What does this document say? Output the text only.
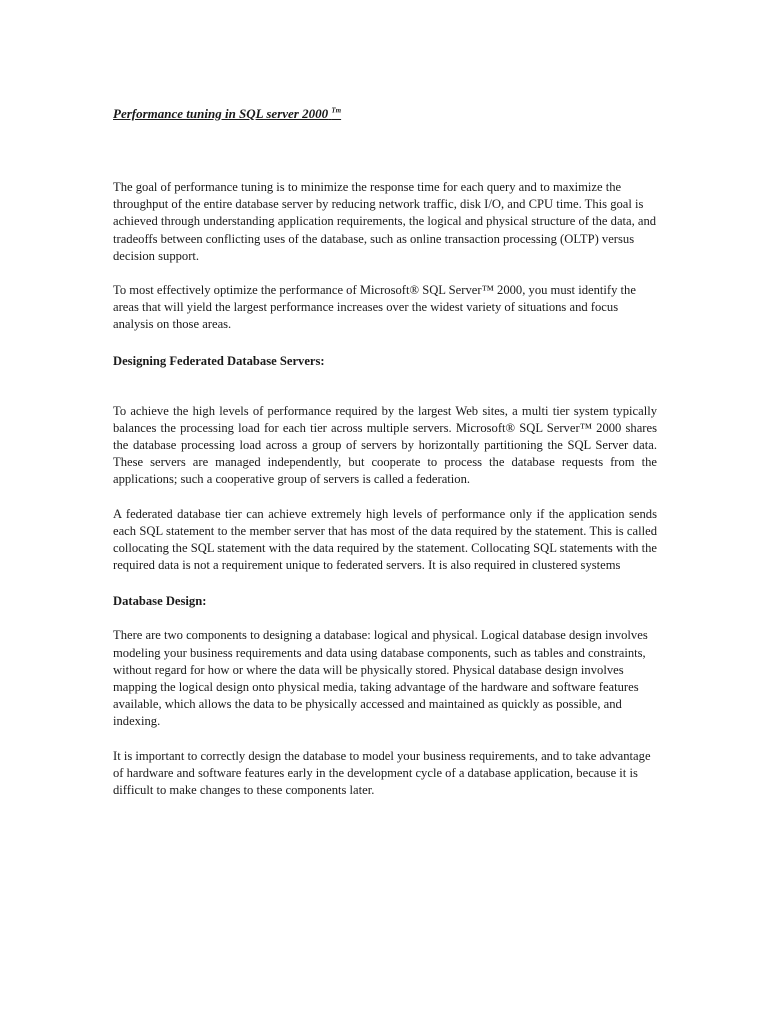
Performance tuning in SQL server 2000 $^{Tm}$

The goal of performance tuning is to minimize the response time for each query and to maximize the throughput of the entire database server by reducing network traffic, disk I/O, and CPU time. This goal is achieved through understanding application requirements, the logical and physical structure of the data, and tradeoffs between conflicting uses of the database, such as online transaction processing (OLTP) versus decision support.

To most effectively optimize the performance of Microsoft® SQL Server™ 2000, you must identify the areas that will yield the largest performance increases over the widest variety of situations and focus analysis on those areas.

Designing Federated Database Servers:

To achieve the high levels of performance required by the largest Web sites, a multi tier system typically balances the processing load for each tier across multiple servers. Microsoft® SQL Server™ 2000 shares the database processing load across a group of servers by horizontally partitioning the SQL Server data. These servers are managed independently, but cooperate to process the database requests from the applications; such a cooperative group of servers is called a federation.

A federated database tier can achieve extremely high levels of performance only if the application sends each SQL statement to the member server that has most of the data required by the statement. This is called collocating the SQL statement with the data required by the statement. Collocating SQL statements with the required data is not a requirement unique to federated servers. It is also required in clustered systems

Database Design:

There are two components to designing a database: logical and physical. Logical database design involves modeling your business requirements and data using database components, such as tables and constraints, without regard for how or where the data will be physically stored. Physical database design involves mapping the logical design onto physical media, taking advantage of the hardware and software features available, which allows the data to be physically accessed and maintained as quickly as possible, and indexing.

It is important to correctly design the database to model your business requirements, and to take advantage of hardware and software features early in the development cycle of a database application, because it is difficult to make changes to these components later.
